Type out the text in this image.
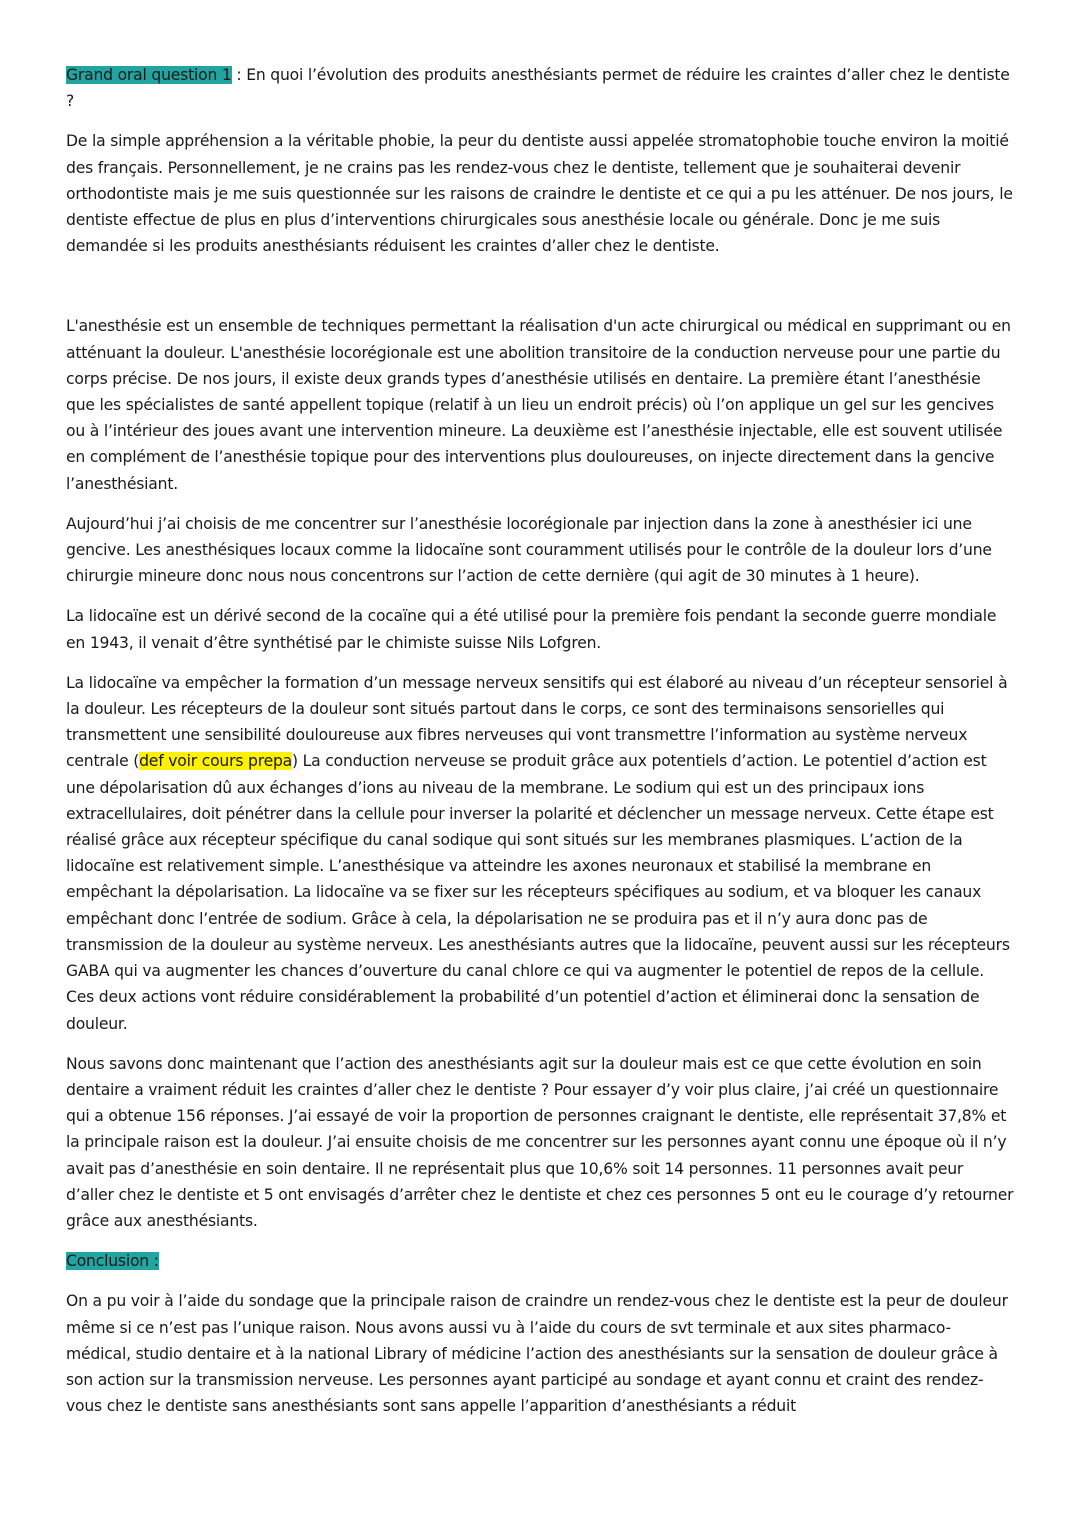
Grand oral question 1 : En quoi l’évolution des produits anesthésiants permet de réduire les craintes d’aller chez le dentiste ?

De la simple appréhension a la véritable phobie, la peur du dentiste aussi appelée stromatophobie touche environ la moitié des français. Personnellement, je ne crains pas les rendez-vous chez le dentiste, tellement que je souhaiterai devenir orthodontiste mais je me suis questionnée sur les raisons de craindre le dentiste et ce qui a pu les atténuer. De nos jours, le dentiste effectue de plus en plus d’interventions chirurgicales sous anesthésie locale ou générale. Donc je me suis demandée si les produits anesthésiants réduisent les craintes d’aller chez le dentiste.

L'anesthésie est un ensemble de techniques permettant la réalisation d'un acte chirurgical ou médical en supprimant ou en atténuant la douleur. L'anesthésie locorégionale est une abolition transitoire de la conduction nerveuse pour une partie du corps précise. De nos jours, il existe deux grands types d’anesthésie utilisés en dentaire. La première étant l’anesthésie que les spécialistes de santé appellent topique (relatif à un lieu un endroit précis) où l’on applique un gel sur les gencives ou à l’intérieur des joues avant une intervention mineure. La deuxième est l’anesthésie injectable, elle est souvent utilisée en complément de l’anesthésie topique pour des interventions plus douloureuses, on injecte directement dans la gencive l’anesthésiant.

Aujourd’hui j’ai choisis de me concentrer sur l’anesthésie locorégionale par injection dans la zone à anesthésier ici une gencive. Les anesthésiques locaux comme la lidocaïne sont couramment utilisés pour le contrôle de la douleur lors d’une chirurgie mineure donc nous nous concentrons sur l’action de cette dernière (qui agit de 30 minutes à 1 heure).

La lidocaïne est un dérivé second de la cocaïne qui a été utilisé pour la première fois pendant la seconde guerre mondiale en 1943, il venait d’être synthétisé par le chimiste suisse Nils Lofgren.

La lidocaïne va empêcher la formation d’un message nerveux sensitifs qui est élaboré au niveau d’un récepteur sensoriel à la douleur. Les récepteurs de la douleur sont situés partout dans le corps, ce sont des terminaisons sensorielles qui transmettent une sensibilité douloureuse aux fibres nerveuses qui vont transmettre l’information au système nerveux centrale (def voir cours prepa) La conduction nerveuse se produit grâce aux potentiels d’action. Le potentiel d’action est une dépolarisation dû aux échanges d’ions au niveau de la membrane. Le sodium qui est un des principaux ions extracellulaires, doit pénétrer dans la cellule pour inverser la polarité et déclencher un message nerveux. Cette étape est réalisé grâce aux récepteur spécifique du canal sodique qui sont situés sur les membranes plasmiques. L’action de la lidocaïne est relativement simple. L’anesthésique va atteindre les axones neuronaux et stabilisé la membrane en empêchant la dépolarisation. La lidocaïne va se fixer sur les récepteurs spécifiques au sodium, et va bloquer les canaux empêchant donc l’entrée de sodium. Grâce à cela, la dépolarisation ne se produira pas et il n’y aura donc pas de transmission de la douleur au système nerveux. Les anesthésiants autres que la lidocaïne, peuvent aussi sur les récepteurs GABA qui va augmenter les chances d’ouverture du canal chlore ce qui va augmenter le potentiel de repos de la cellule. Ces deux actions vont réduire considérablement la probabilité d’un potentiel d’action et éliminerai donc la sensation de douleur.

Nous savons donc maintenant que l’action des anesthésiants agit sur la douleur mais est ce que cette évolution en soin dentaire a vraiment réduit les craintes d’aller chez le dentiste ? Pour essayer d’y voir plus claire, j’ai créé un questionnaire qui a obtenue 156 réponses. J’ai essayé de voir la proportion de personnes craignant le dentiste, elle représentait 37,8% et la principale raison est la douleur. J’ai ensuite choisis de me concentrer sur les personnes ayant connu une époque où il n’y avait pas d’anesthésie en soin dentaire. Il ne représentait plus que 10,6% soit 14 personnes. 11 personnes avait peur d’aller chez le dentiste et 5 ont envisagés d’arrêter chez le dentiste et chez ces personnes 5 ont eu le courage d’y retourner grâce aux anesthésiants.

Conclusion :

On a pu voir à l’aide du sondage que la principale raison de craindre un rendez-vous chez le dentiste est la peur de douleur même si ce n’est pas l’unique raison. Nous avons aussi vu à l’aide du cours de svt terminale et aux sites pharmaco-médical, studio dentaire et à la national Library of médicine l’action des anesthésiants sur la sensation de douleur grâce à son action sur la transmission nerveuse. Les personnes ayant participé au sondage et ayant connu et craint des rendez-vous chez le dentiste sans anesthésiants sont sans appelle l’apparition d’anesthésiants a réduit
